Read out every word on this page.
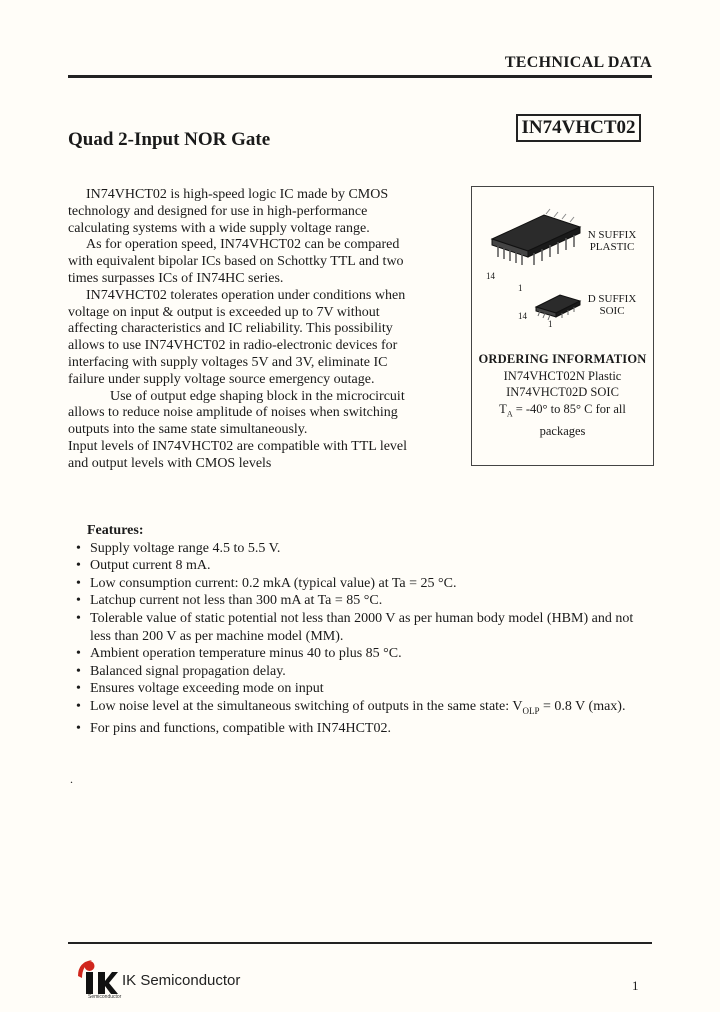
TECHNICAL DATA
IN74VHCT02
Quad 2-Input NOR Gate

IN74VHCT02 is high-speed logic IC made by CMOS technology and designed for use in high-performance calculating systems with a wide supply voltage range.

As for operation speed, IN74VHCT02 can be compared with equivalent bipolar ICs based on Schottky TTL and two times surpasses ICs of IN74HC series.

IN74VHCT02 tolerates operation under conditions when voltage on input & output is exceeded up to 7V without affecting characteristics and IC reliability. This possibility allows to use IN74VHCT02 in radio-electronic devices for interfacing with supply voltages 5V and 3V, eliminate IC failure under supply voltage source emergency outage.

Use of output edge shaping block in the microcircuit allows to reduce noise amplitude of noises when switching outputs into the same state simultaneously.

Input levels of IN74VHCT02 are compatible with TTL level and output levels with CMOS levels

N SUFFIX
PLASTIC
14
1
D SUFFIX
SOIC
14
1
ORDERING INFORMATION
IN74VHCT02N Plastic
IN74VHCT02D SOIC
$T_A = -40^\circ$ to 85° C for all
packages
Features:
• Supply voltage range 4.5 to 5.5 V.
• Output current 8 mA.
• Low consumption current: 0.2 mkA (typical value) at Ta = 25 °C.
• Latchup current not less than 300 mA at Ta = 85 °C.
• Tolerable value of static potential not less than 2000 V as per human body model (HBM) and not less than 200 V as per machine model (MM).
• Ambient operation temperature minus 40 to plus 85 °C.
• Balanced signal propagation delay.
• Ensures voltage exceeding mode on input
• Low noise level at the simultaneous switching of outputs in the same state: $V_{OLP} = 0.8$ V (max).
• For pins and functions, compatible with IN74HCT02.
.
Semiconductor
IK Semiconductor	1
